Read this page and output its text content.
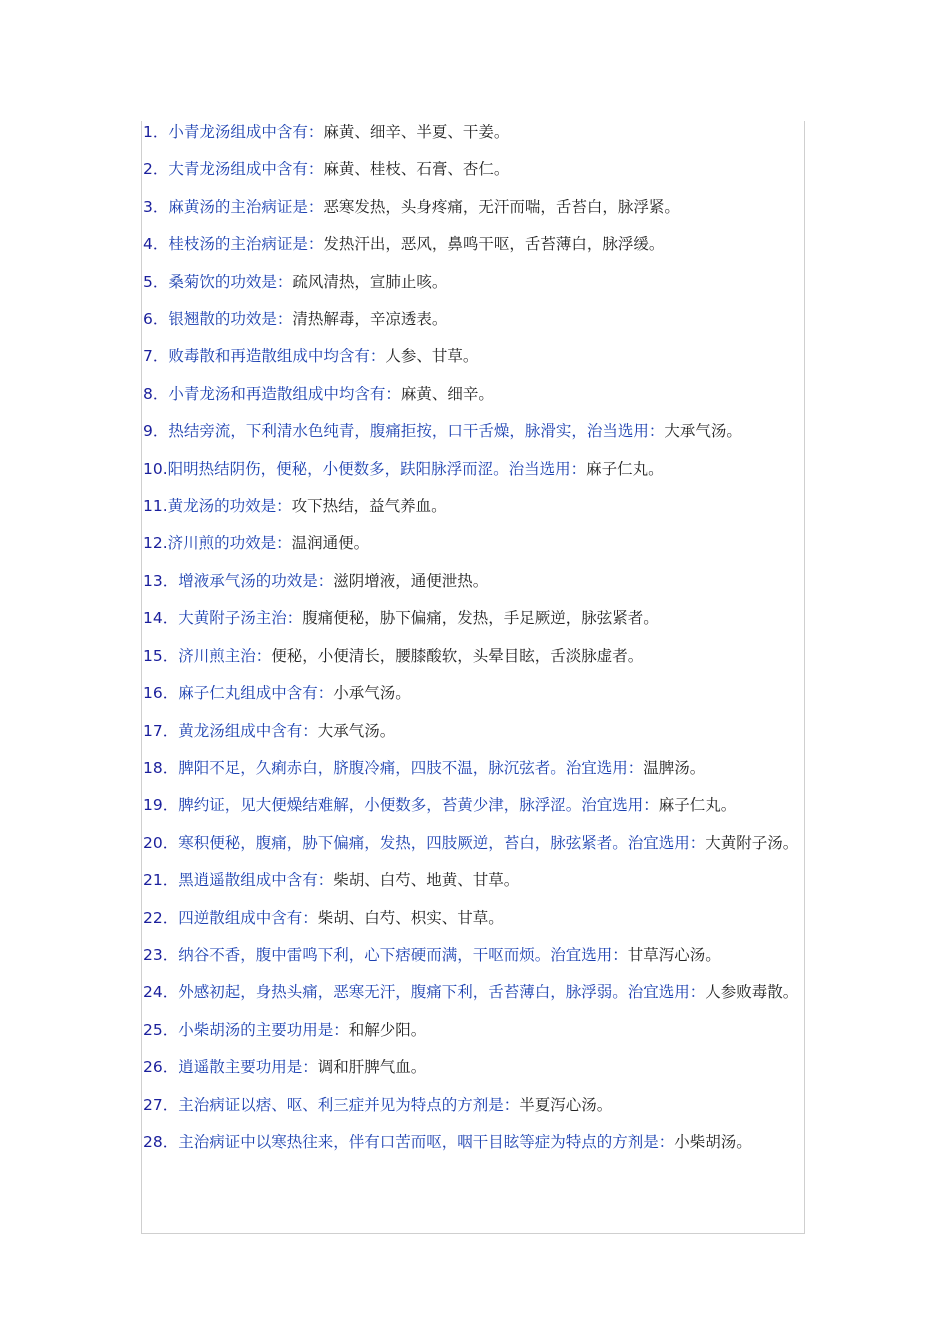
1．小青龙汤组成中含有：麻黄、细辛、半夏、干姜。
2．大青龙汤组成中含有：麻黄、桂枝、石膏、杏仁。
3．麻黄汤的主治病证是：恶寒发热，头身疼痛，无汗而喘，舌苔白，脉浮紧。
4．桂枝汤的主治病证是：发热汗出，恶风，鼻鸣干呕，舌苔薄白，脉浮缓。
5．桑菊饮的功效是：疏风清热，宣肺止咳。
6．银翘散的功效是：清热解毒，辛凉透表。
7．败毒散和再造散组成中均含有：人参、甘草。
8．小青龙汤和再造散组成中均含有：麻黄、细辛。
9．热结旁流，下利清水色纯青，腹痛拒按，口干舌燥，脉滑实，治当选用：大承气汤。
10.阳明热结阴伤，便秘，小便数多，趺阳脉浮而涩。治当选用：麻子仁丸。
11.黄龙汤的功效是：攻下热结，益气养血。
12.济川煎的功效是：温润通便。
13．增液承气汤的功效是：滋阴增液，通便泄热。
14．大黄附子汤主治：腹痛便秘，胁下偏痛，发热，手足厥逆，脉弦紧者。
15．济川煎主治：便秘，小便清长，腰膝酸软，头晕目眩，舌淡脉虚者。
16．麻子仁丸组成中含有：小承气汤。
17．黄龙汤组成中含有：大承气汤。
18．脾阳不足，久痢赤白，脐腹冷痛，四肢不温，脉沉弦者。治宜选用：温脾汤。
19．脾约证，见大便燥结难解，小便数多，苔黄少津，脉浮涩。治宜选用：麻子仁丸。
20．寒积便秘，腹痛，胁下偏痛，发热，四肢厥逆，苔白，脉弦紧者。治宜选用：大黄附子汤。
21．黑逍遥散组成中含有：柴胡、白芍、地黄、甘草。
22．四逆散组成中含有：柴胡、白芍、枳实、甘草。
23．纳谷不香，腹中雷鸣下利，心下痞硬而满，干呕而烦。治宜选用：甘草泻心汤。
24．外感初起，身热头痛，恶寒无汗，腹痛下利，舌苔薄白，脉浮弱。治宜选用：人参败毒散。
25．小柴胡汤的主要功用是：和解少阳。
26．逍遥散主要功用是：调和肝脾气血。
27．主治病证以痞、呕、利三症并见为特点的方剂是：半夏泻心汤。
28．主治病证中以寒热往来，伴有口苦而呕，咽干目眩等症为特点的方剂是：小柴胡汤。
